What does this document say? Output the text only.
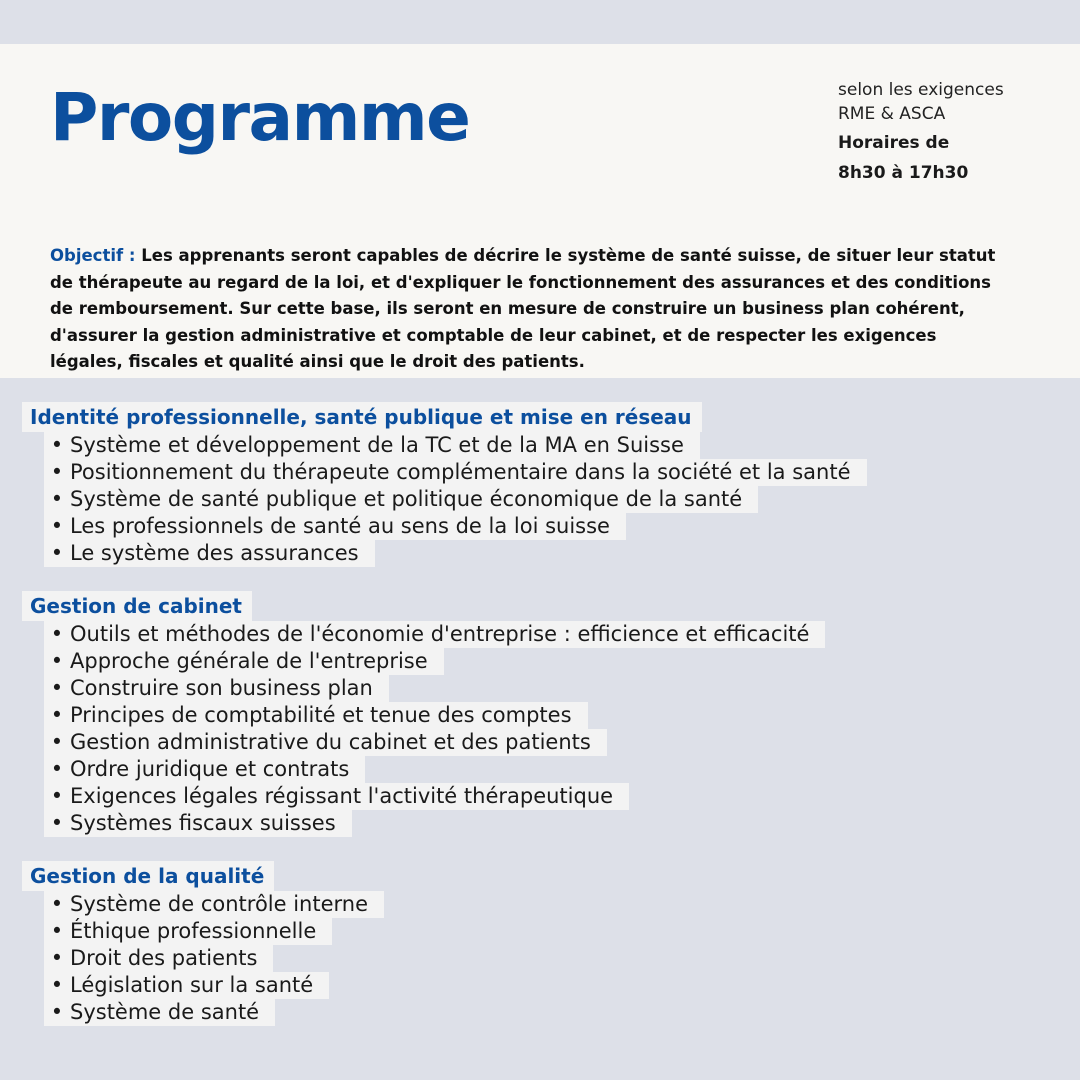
Programme	selon les exigences
RME & ASCA
Horaires de
8h30 à 17h30

Objectif : Les apprenants seront capables de décrire le système de santé suisse, de situer leur statut de thérapeute au regard de la loi, et d'expliquer le fonctionnement des assurances et des conditions de remboursement. Sur cette base, ils seront en mesure de construire un business plan cohérent, d'assurer la gestion administrative et comptable de leur cabinet, et de respecter les exigences légales, fiscales et qualité ainsi que le droit des patients.

Identité professionnelle, santé publique et mise en réseau
• Système et développement de la TC et de la MA en Suisse
• Positionnement du thérapeute complémentaire dans la société et la santé
• Système de santé publique et politique économique de la santé
• Les professionnels de santé au sens de la loi suisse
• Le système des assurances
Gestion de cabinet
• Outils et méthodes de l'économie d'entreprise : efficience et efficacité
• Approche générale de l'entreprise
• Construire son business plan
• Principes de comptabilité et tenue des comptes
• Gestion administrative du cabinet et des patients
• Ordre juridique et contrats
• Exigences légales régissant l'activité thérapeutique
• Systèmes fiscaux suisses
Gestion de la qualité
• Système de contrôle interne
• Éthique professionnelle
• Droit des patients
• Législation sur la santé
• Système de santé
